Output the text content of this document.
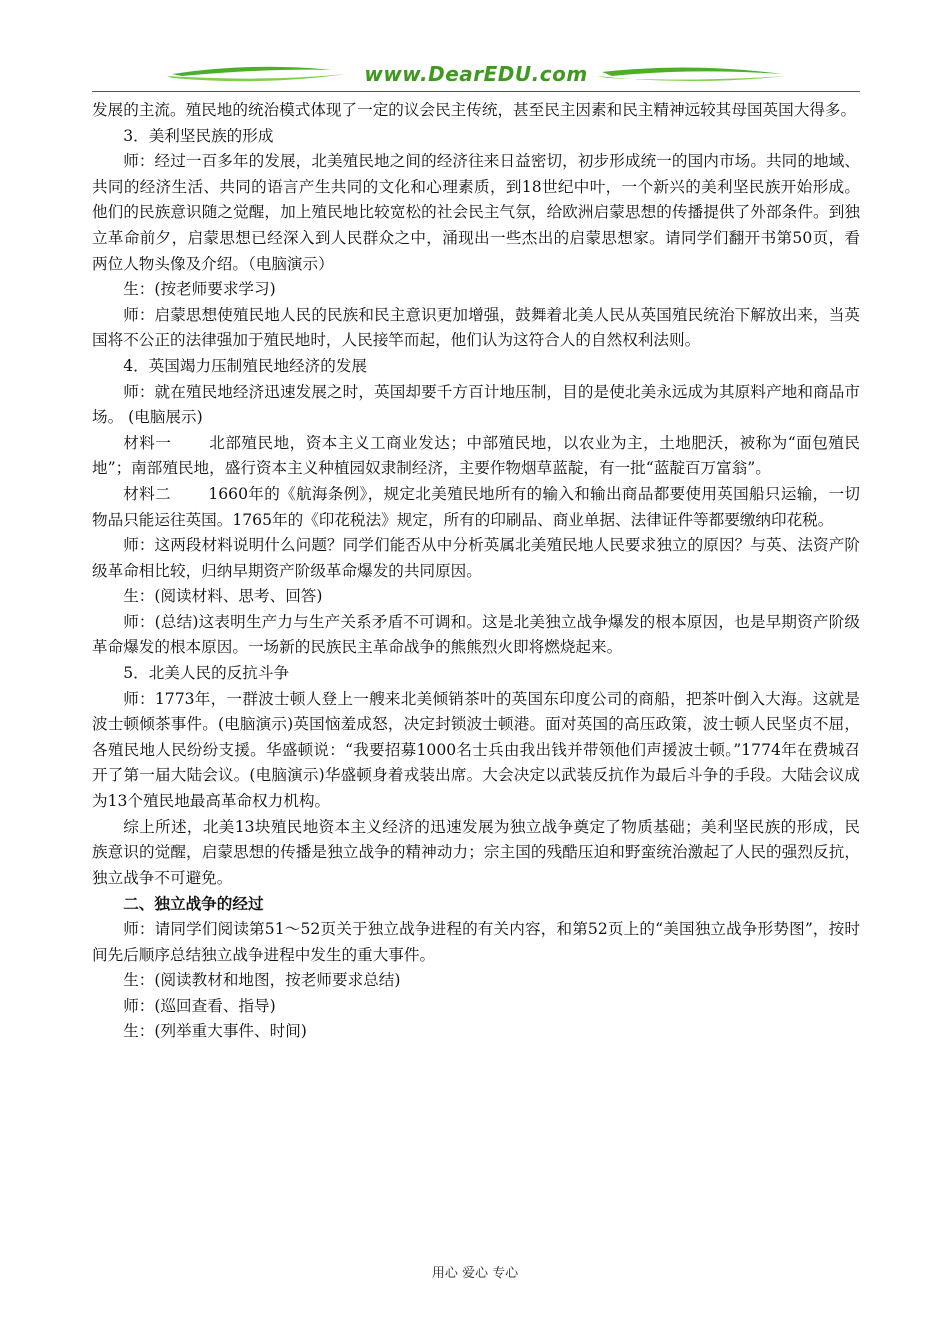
www.DearEDU.com

发展的主流。殖民地的统治模式体现了一定的议会民主传统，甚至民主因素和民主精神远较其母国英国大得多。

3．美利坚民族的形成

师：经过一百多年的发展，北美殖民地之间的经济往来日益密切，初步形成统一的国内市场。共同的地域、共同的经济生活、共同的语言产生共同的文化和心理素质，到18世纪中叶，一个新兴的美利坚民族开始形成。他们的民族意识随之觉醒，加上殖民地比较宽松的社会民主气氛，给欧洲启蒙思想的传播提供了外部条件。到独立革命前夕，启蒙思想已经深入到人民群众之中，涌现出一些杰出的启蒙思想家。请同学们翻开书第50页，看两位人物头像及介绍。（电脑演示）

生：(按老师要求学习)

师：启蒙思想使殖民地人民的民族和民主意识更加增强，鼓舞着北美人民从英国殖民统治下解放出来，当英国将不公正的法律强加于殖民地时，人民接竿而起，他们认为这符合人的自然权利法则。

4．英国竭力压制殖民地经济的发展

师：就在殖民地经济迅速发展之时，英国却要千方百计地压制，目的是使北美永远成为其原料产地和商品市场。 (电脑展示)

材料一 北部殖民地，资本主义工商业发达；中部殖民地，以农业为主，土地肥沃，被称为“面包殖民地”；南部殖民地，盛行资本主义种植园奴隶制经济，主要作物烟草蓝靛，有一批“蓝靛百万富翁”。

材料二 1660年的《航海条例》，规定北美殖民地所有的输入和输出商品都要使用英国船只运输，一切物品只能运往英国。1765年的《印花税法》规定，所有的印刷品、商业单据、法律证件等都要缴纳印花税。

师：这两段材料说明什么问题？同学们能否从中分析英属北美殖民地人民要求独立的原因？与英、法资产阶级革命相比较，归纳早期资产阶级革命爆发的共同原因。

生：(阅读材料、思考、回答)

师：(总结)这表明生产力与生产关系矛盾不可调和。这是北美独立战争爆发的根本原因，也是早期资产阶级革命爆发的根本原因。一场新的民族民主革命战争的熊熊烈火即将燃烧起来。

5．北美人民的反抗斗争

师：1773年，一群波士顿人登上一艘来北美倾销茶叶的英国东印度公司的商船，把茶叶倒入大海。这就是波士顿倾茶事件。(电脑演示)英国恼羞成怒，决定封锁波士顿港。面对英国的高压政策，波士顿人民坚贞不屈，各殖民地人民纷纷支援。华盛顿说：“我要招募1000名士兵由我出钱并带领他们声援波士顿。”1774年在费城召开了第一届大陆会议。(电脑演示)华盛顿身着戎装出席。大会决定以武装反抗作为最后斗争的手段。大陆会议成为13个殖民地最高革命权力机构。

综上所述，北美13块殖民地资本主义经济的迅速发展为独立战争奠定了物质基础；美利坚民族的形成，民族意识的觉醒，启蒙思想的传播是独立战争的精神动力；宗主国的残酷压迫和野蛮统治激起了人民的强烈反抗，独立战争不可避免。

二、独立战争的经过

师：请同学们阅读第51～52页关于独立战争进程的有关内容，和第52页上的“美国独立战争形势图”，按时间先后顺序总结独立战争进程中发生的重大事件。

生：(阅读教材和地图，按老师要求总结)

师：(巡回查看、指导)

生：(列举重大事件、时间)

用心 爱心 专心
